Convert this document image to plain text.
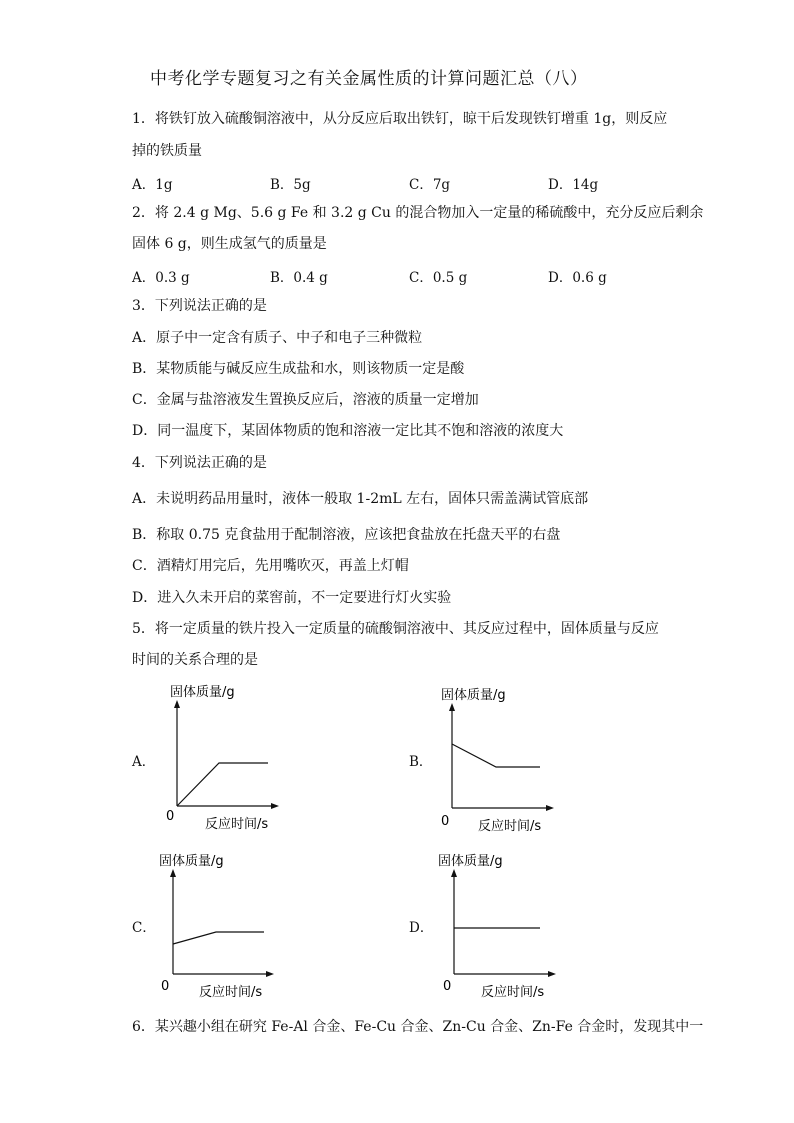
中考化学专题复习之有关金属性质的计算问题汇总（八）
1．将铁钉放入硫酸铜溶液中，从分反应后取出铁钉，晾干后发现铁钉增重 1g，则反应
掉的铁质量
A．1g	B．5g	C．7g	D．14g
2．将 2.4 g Mg、5.6 g Fe 和 3.2 g Cu 的混合物加入一定量的稀硫酸中，充分反应后剩余
固体 6 g，则生成氢气的质量是
A．0.3 g	B．0.4 g	C．0.5 g	D．0.6 g
3．下列说法正确的是
A．原子中一定含有质子、中子和电子三种微粒
B．某物质能与碱反应生成盐和水，则该物质一定是酸
C．金属与盐溶液发生置换反应后，溶液的质量一定增加
D．同一温度下，某固体物质的饱和溶液一定比其不饱和溶液的浓度大
4．下列说法正确的是
A．未说明药品用量时，液体一般取 1-2mL 左右，固体只需盖满试管底部
B．称取 0.75 克食盐用于配制溶液，应该把食盐放在托盘天平的右盘
C．酒精灯用完后，先用嘴吹灭，再盖上灯帽
D．进入久未开启的菜窖前，不一定要进行灯火实验
5．将一定质量的铁片投入一定质量的硫酸铜溶液中、其反应过程中，固体质量与反应
时间的关系合理的是
A．
固体质量/g
0
反应时间/s
B．
固体质量/g
0 反应时间/s
C．
固体质量/g
0 反应时间/s
D．
固体质量/g
0 反应时间/s
6．某兴趣小组在研究 Fe-Al 合金、Fe-Cu 合金、Zn-Cu 合金、Zn-Fe 合金时，发现其中一
